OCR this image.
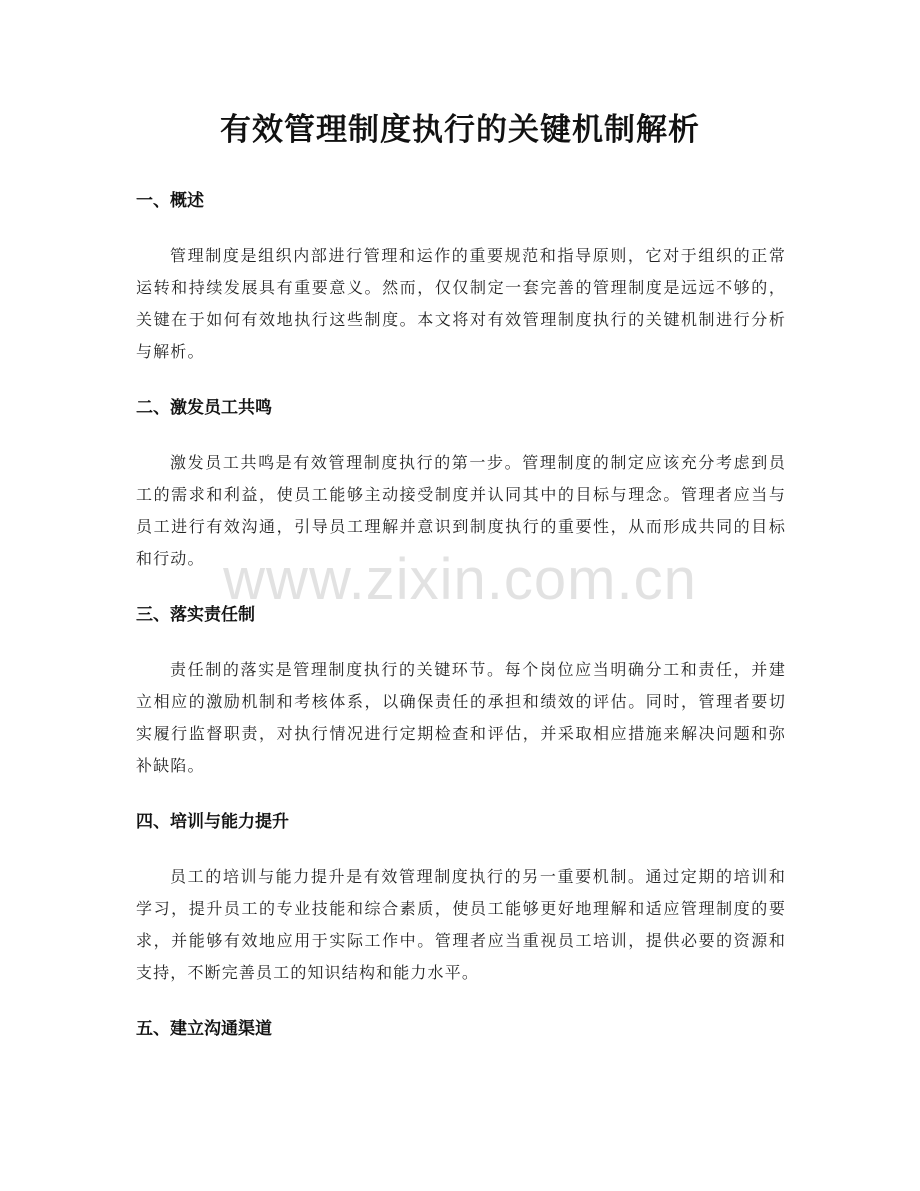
有效管理制度执行的关键机制解析
一、概述

管理制度是组织内部进行管理和运作的重要规范和指导原则，它对于组织的正常运转和持续发展具有重要意义。然而，仅仅制定一套完善的管理制度是远远不够的，关键在于如何有效地执行这些制度。本文将对有效管理制度执行的关键机制进行分析与解析。

二、激发员工共鸣

激发员工共鸣是有效管理制度执行的第一步。管理制度的制定应该充分考虑到员工的需求和利益，使员工能够主动接受制度并认同其中的目标与理念。管理者应当与员工进行有效沟通，引导员工理解并意识到制度执行的重要性，从而形成共同的目标和行动。

三、落实责任制

责任制的落实是管理制度执行的关键环节。每个岗位应当明确分工和责任，并建立相应的激励机制和考核体系，以确保责任的承担和绩效的评估。同时，管理者要切实履行监督职责，对执行情况进行定期检查和评估，并采取相应措施来解决问题和弥补缺陷。

四、培训与能力提升

员工的培训与能力提升是有效管理制度执行的另一重要机制。通过定期的培训和学习，提升员工的专业技能和综合素质，使员工能够更好地理解和适应管理制度的要求，并能够有效地应用于实际工作中。管理者应当重视员工培训，提供必要的资源和支持，不断完善员工的知识结构和能力水平。

五、建立沟通渠道
www.zixin.com.cn
